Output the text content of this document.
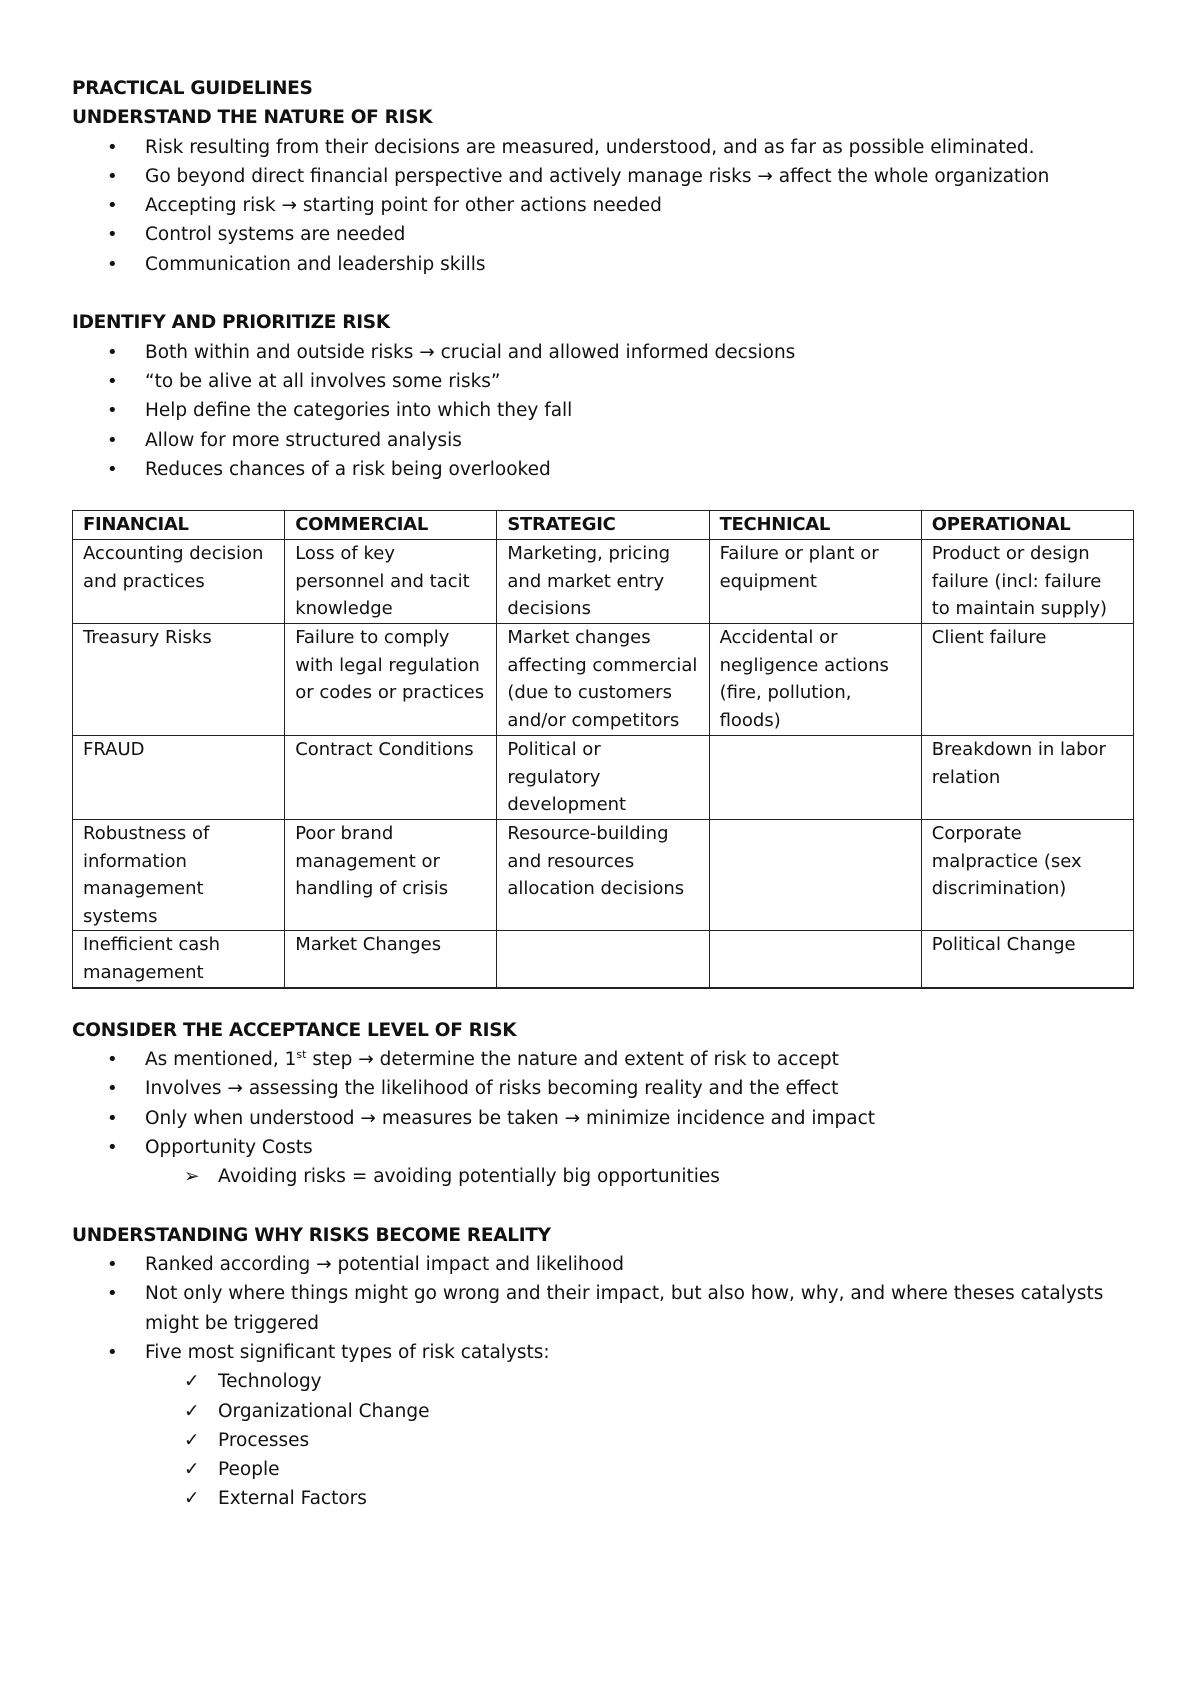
PRACTICAL GUIDELINES
UNDERSTAND THE NATURE OF RISK
• Risk resulting from their decisions are measured, understood, and as far as possible eliminated.
• Go beyond direct financial perspective and actively manage risks → affect the whole organization
• Accepting risk → starting point for other actions needed
• Control systems are needed
• Communication and leadership skills
IDENTIFY AND PRIORITIZE RISK
• Both within and outside risks → crucial and allowed informed decsions
• “to be alive at all involves some risks”
• Help define the categories into which they fall
• Allow for more structured analysis
• Reduces chances of a risk being overlooked
FINANCIAL	COMMERCIAL	STRATEGIC	TECHNICAL	OPERATIONAL
Accounting decision and practices	Loss of key personnel and tacit knowledge	Marketing, pricing and market entry decisions	Failure or plant or equipment	Product or design failure (incl: failure to maintain supply)
Treasury Risks	Failure to comply with legal regulation or codes or practices	Market changes affecting commercial (due to customers and/or competitors	Accidental or negligence actions (fire, pollution, floods)	Client failure
FRAUD	Contract Conditions	Political or regulatory development		Breakdown in labor relation
Robustness of information management systems	Poor brand management or handling of crisis	Resource-building and resources allocation decisions		Corporate malpractice (sex discrimination)
Inefficient cash management	Market Changes			Political Change
CONSIDER THE ACCEPTANCE LEVEL OF RISK
• As mentioned, 1st step → determine the nature and extent of risk to accept
• Involves → assessing the likelihood of risks becoming reality and the effect
• Only when understood → measures be taken → minimize incidence and impact
• Opportunity Costs
➢ Avoiding risks = avoiding potentially big opportunities
UNDERSTANDING WHY RISKS BECOME REALITY
• Ranked according → potential impact and likelihood
• Not only where things might go wrong and their impact, but also how, why, and where theses catalysts might be triggered
• Five most significant types of risk catalysts:
✓ Technology
✓ Organizational Change
✓ Processes
✓ People
✓ External Factors
